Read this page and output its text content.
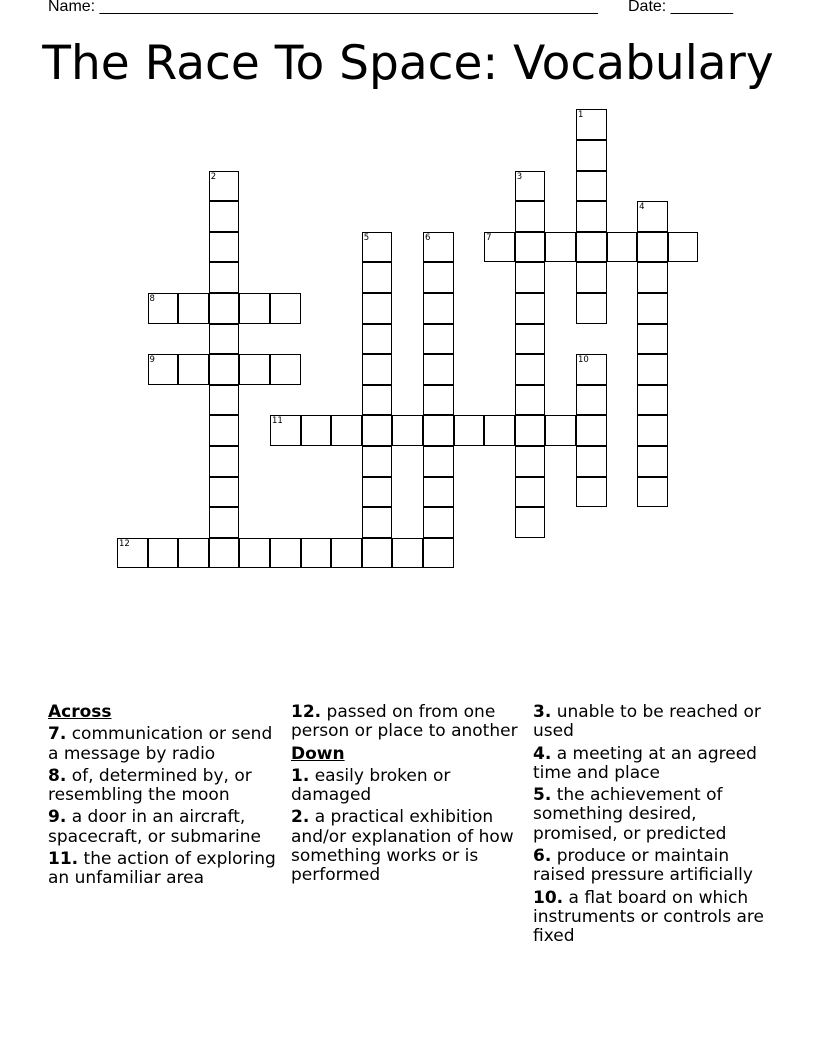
Name: ________________________________________________________ Date: _______
The Race To Space: Vocabulary
1
2	3
4
5	6	7
8
9	10
11
12
Across
7. communication or send a message by radio
8. of, determined by, or resembling the moon
9. a door in an aircraft, spacecraft, or submarine
11. the action of exploring an unfamiliar area
12. passed on from one person or place to another
Down
1. easily broken or damaged
2. a practical exhibition and/or explanation of how something works or is performed
3. unable to be reached or used
4. a meeting at an agreed time and place
5. the achievement of something desired, promised, or predicted
6. produce or maintain raised pressure artificially
10. a flat board on which instruments or controls are fixed
